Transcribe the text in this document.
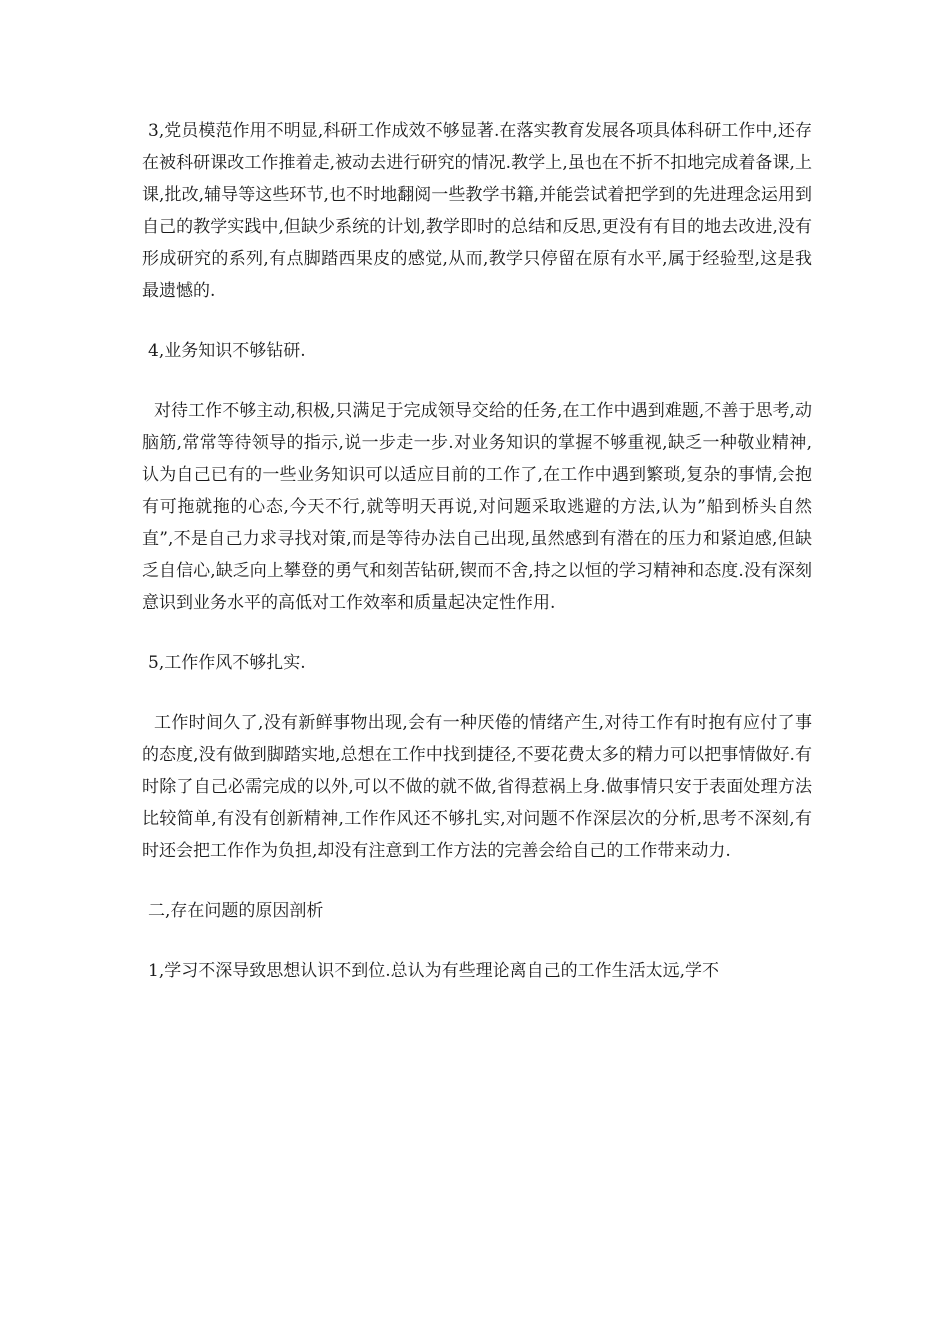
3,党员模范作用不明显,科研工作成效不够显著.在落实教育发展各项具体科研工作中,还存在被科研课改工作推着走,被动去进行研究的情况.教学上,虽也在不折不扣地完成着备课,上课,批改,辅导等这些环节,也不时地翻阅一些教学书籍,并能尝试着把学到的先进理念运用到自己的教学实践中,但缺少系统的计划,教学即时的总结和反思,更没有有目的地去改进,没有形成研究的系列,有点脚踏西果皮的感觉,从而,教学只停留在原有水平,属于经验型,这是我最遗憾的.

4,业务知识不够钻研.

对待工作不够主动,积极,只满足于完成领导交给的任务,在工作中遇到难题,不善于思考,动脑筋,常常等待领导的指示,说一步走一步.对业务知识的掌握不够重视,缺乏一种敬业精神,认为自己已有的一些业务知识可以适应目前的工作了,在工作中遇到繁琐,复杂的事情,会抱有可拖就拖的心态,今天不行,就等明天再说,对问题采取逃避的方法,认为”船到桥头自然直”,不是自己力求寻找对策,而是等待办法自己出现,虽然感到有潜在的压力和紧迫感,但缺乏自信心,缺乏向上攀登的勇气和刻苦钻研,锲而不舍,持之以恒的学习精神和态度.没有深刻意识到业务水平的高低对工作效率和质量起决定性作用.

5,工作作风不够扎实.

工作时间久了,没有新鲜事物出现,会有一种厌倦的情绪产生,对待工作有时抱有应付了事的态度,没有做到脚踏实地,总想在工作中找到捷径,不要花费太多的精力可以把事情做好.有时除了自己必需完成的以外,可以不做的就不做,省得惹祸上身.做事情只安于表面处理方法比较简单,有没有创新精神,工作作风还不够扎实,对问题不作深层次的分析,思考不深刻,有时还会把工作作为负担,却没有注意到工作方法的完善会给自己的工作带来动力.

二,存在问题的原因剖析

1,学习不深导致思想认识不到位.总认为有些理论离自己的工作生活太远,学不
